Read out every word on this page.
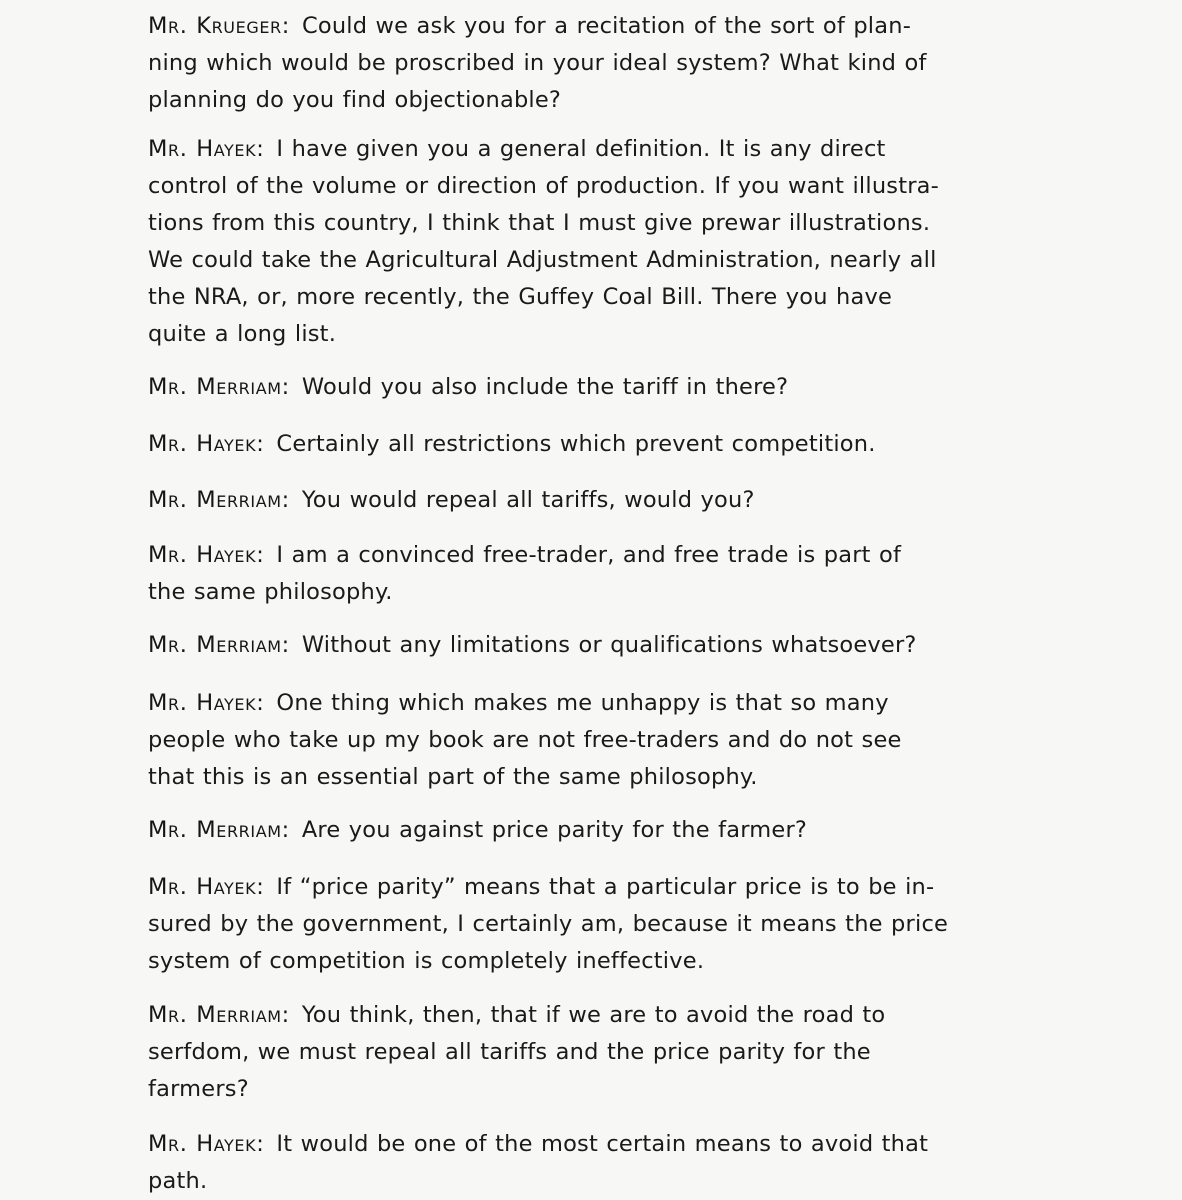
Mr. Krueger: Could we ask you for a recitation of the sort of plan-
ning which would be proscribed in your ideal system? What kind of
planning do you find objectionable?

Mr. Hayek: I have given you a general definition. It is any direct
control of the volume or direction of production. If you want illustra-
tions from this country, I think that I must give prewar illustrations.
We could take the Agricultural Adjustment Administration, nearly all
the NRA, or, more recently, the Guffey Coal Bill. There you have
quite a long list.

Mr. Merriam: Would you also include the tariff in there?

Mr. Hayek: Certainly all restrictions which prevent competition.

Mr. Merriam: You would repeal all tariffs, would you?

Mr. Hayek: I am a convinced free-trader, and free trade is part of
the same philosophy.

Mr. Merriam: Without any limitations or qualifications whatsoever?

Mr. Hayek: One thing which makes me unhappy is that so many
people who take up my book are not free-traders and do not see
that this is an essential part of the same philosophy.

Mr. Merriam: Are you against price parity for the farmer?

Mr. Hayek: If “price parity” means that a particular price is to be in-
sured by the government, I certainly am, because it means the price
system of competition is completely ineffective.

Mr. Merriam: You think, then, that if we are to avoid the road to
serfdom, we must repeal all tariffs and the price parity for the
farmers?

Mr. Hayek: It would be one of the most certain means to avoid that
path.
